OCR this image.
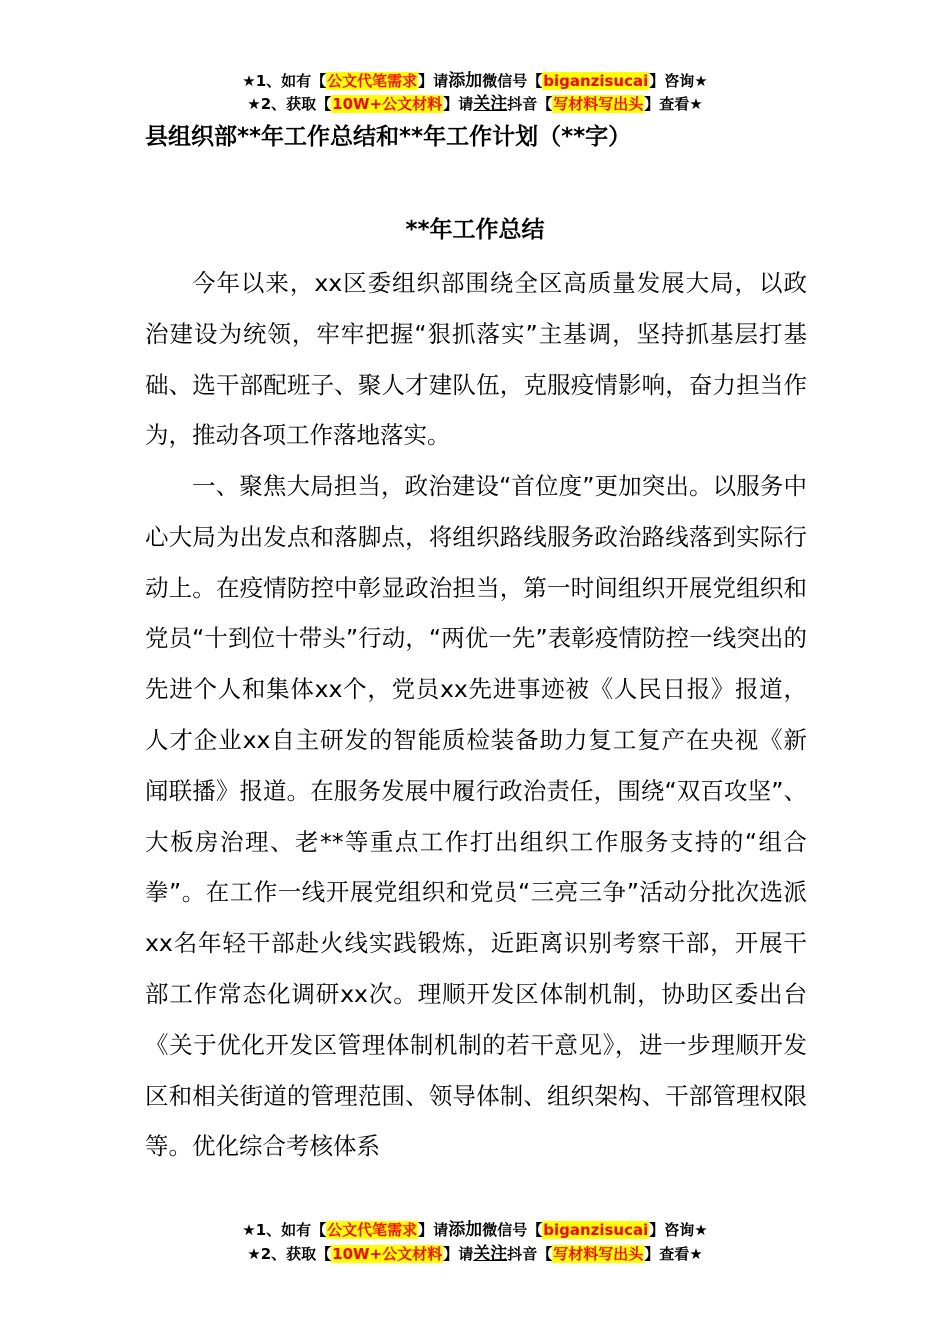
★1、如有【公文代笔需求】请添加微信号【biganzisucai】咨询★
★2、获取【10W+公文材料】请关注抖音【写材料写出头】查看★
县组织部**年工作总结和**年工作计划（**字）
**年工作总结

今年以来，xx区委组织部围绕全区高质量发展大局，以政治建设为统领，牢牢把握“狠抓落实”主基调，坚持抓基层打基础、选干部配班子、聚人才建队伍，克服疫情影响，奋力担当作为，推动各项工作落地落实。

一、聚焦大局担当，政治建设“首位度”更加突出。以服务中心大局为出发点和落脚点，将组织路线服务政治路线落到实际行动上。在疫情防控中彰显政治担当，第一时间组织开展党组织和党员“十到位十带头”行动，“两优一先”表彰疫情防控一线突出的先进个人和集体xx个，党员xx先进事迹被《人民日报》报道，人才企业xx自主研发的智能质检装备助力复工复产在央视《新闻联播》报道。在服务发展中履行政治责任，围绕“双百攻坚”、大板房治理、老**等重点工作打出组织工作服务支持的“组合拳”。在工作一线开展党组织和党员“三亮三争”活动分批次选派xx名年轻干部赴火线实践锻炼，近距离识别考察干部，开展干部工作常态化调研xx次。理顺开发区体制机制，协助区委出台《关于优化开发区管理体制机制的若干意见》，进一步理顺开发区和相关街道的管理范围、领导体制、组织架构、干部管理权限等。优化综合考核体系

★1、如有【公文代笔需求】请添加微信号【biganzisucai】咨询★
★2、获取【10W+公文材料】请关注抖音【写材料写出头】查看★
